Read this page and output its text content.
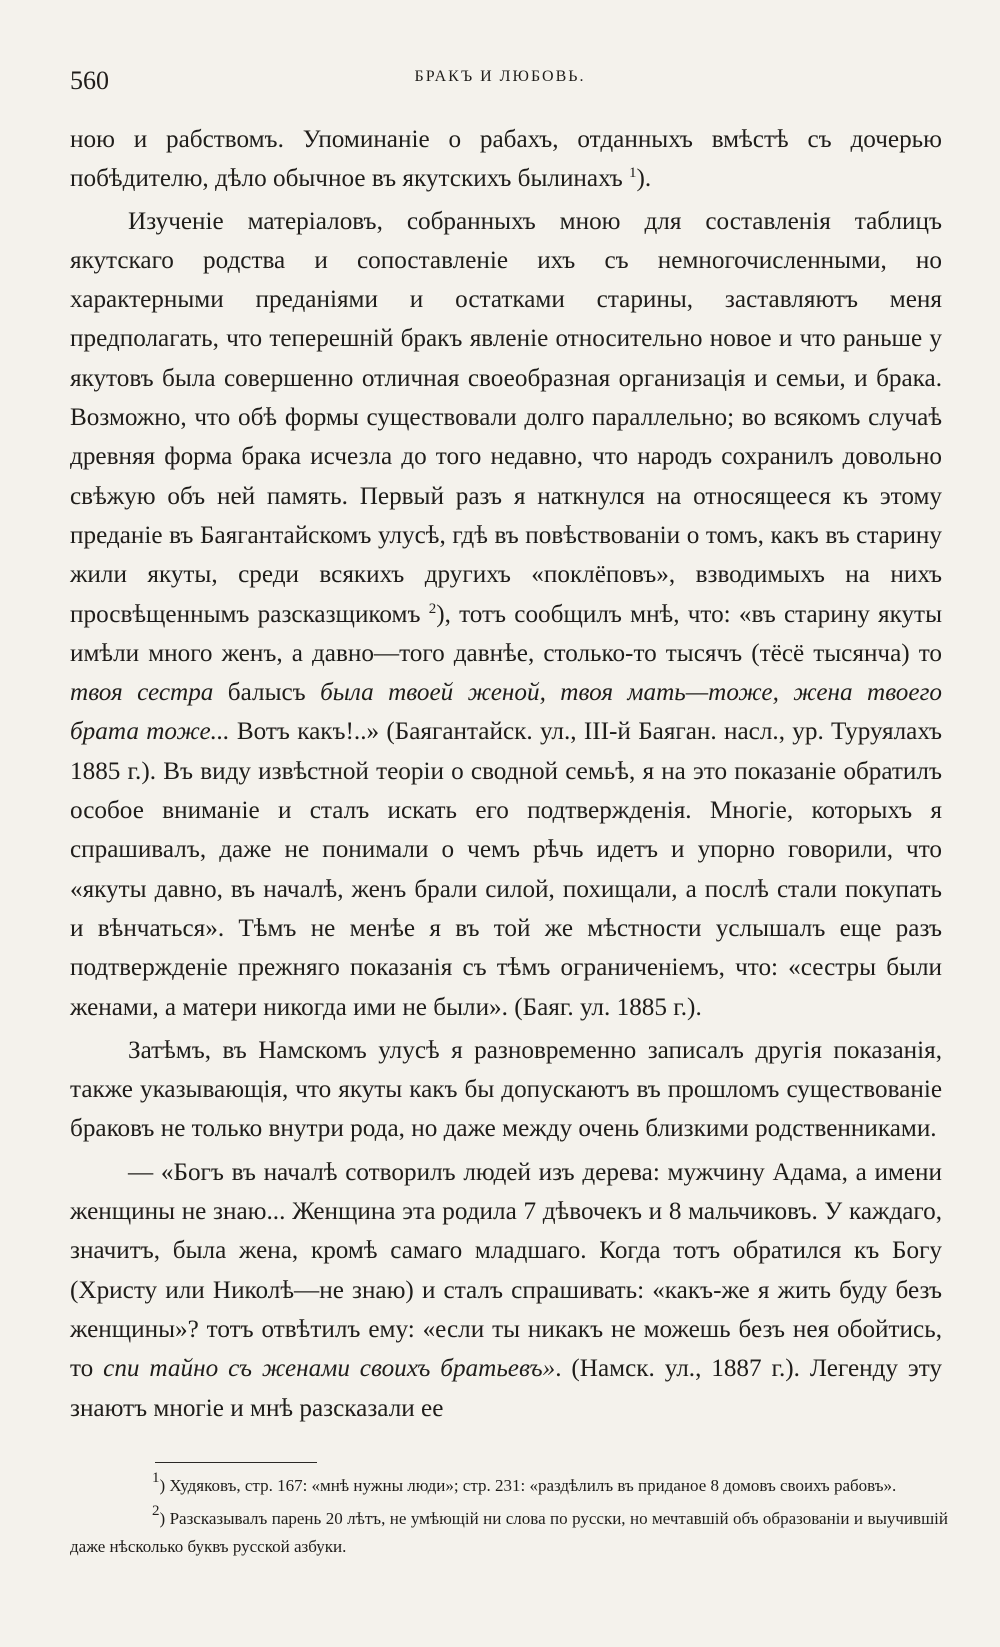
560	БРАКЪ И ЛЮБОВЬ.

ною и рабствомъ. Упоминаніе о рабахъ, отданныхъ вмѣстѣ съ дочерью побѣдителю, дѣло обычное въ якутскихъ былинахъ $^1$).

Изученіе матеріаловъ, собранныхъ мною для составленія таблицъ якутскаго родства и сопоставленіе ихъ съ немногочисленными, но характерными преданіями и остатками старины, заставляютъ меня предполагать, что теперешній бракъ явленіе относительно новое и что раньше у якутовъ была совершенно отличная своеобразная организація и семьи, и брака. Возможно, что обѣ формы существовали долго параллельно; во всякомъ случаѣ древняя форма брака исчезла до того недавно, что народъ сохранилъ довольно свѣжую объ ней память. Первый разъ я наткнулся на относящееся къ этому преданіе въ Баягантайскомъ улусѣ, гдѣ въ повѣствованіи о томъ, какъ въ старину жили якуты, среди всякихъ другихъ «поклёповъ», взводимыхъ на нихъ просвѣщеннымъ разсказщикомъ $^2$), тотъ сообщилъ мнѣ, что: «въ старину якуты имѣли много женъ, а давно—того давнѣе, столько-то тысячъ (тёсё тысянча) то твоя сестра балысъ была твоей женой, твоя мать—тоже, жена твоего брата тоже... Вотъ какъ!..» (Баягантайск. ул., III-й Баяган. насл., ур. Туруялахъ 1885 г.). Въ виду извѣстной теоріи о сводной семьѣ, я на это показаніе обратилъ особое вниманіе и сталъ искать его подтвержденія. Многіе, которыхъ я спрашивалъ, даже не понимали о чемъ рѣчь идетъ и упорно говорили, что «якуты давно, въ началѣ, женъ брали силой, похищали, а послѣ стали покупать и вѣнчаться». Тѣмъ не менѣе я въ той же мѣстности услышалъ еще разъ подтвержденіе прежняго показанія съ тѣмъ ограниченіемъ, что: «сестры были женами, а матери никогда ими не были». (Баяг. ул. 1885 г.).

Затѣмъ, въ Намскомъ улусѣ я разновременно записалъ другія показанія, также указывающія, что якуты какъ бы допускаютъ въ прошломъ существованіе браковъ не только внутри рода, но даже между очень близкими родственниками.

— «Богъ въ началѣ сотворилъ людей изъ дерева: мужчину Адама, а имени женщины не знаю... Женщина эта родила 7 дѣвочекъ и 8 мальчиковъ. У каждаго, значитъ, была жена, кромѣ самаго младшаго. Когда тотъ обратился къ Богу (Христу или Николѣ—не знаю) и сталъ спрашивать: «какъ-же я жить буду безъ женщины»? тотъ отвѣтилъ ему: «если ты никакъ не можешь безъ нея обойтись, то спи тайно съ женами своихъ братьевъ». (Намск. ул., 1887 г.). Легенду эту знаютъ многіе и мнѣ разсказали ее

$^1$) Худяковъ, стр. 167: «мнѣ нужны люди»; стр. 231: «раздѣлилъ въ приданое 8 домовъ своихъ рабовъ».

$^2$) Разсказывалъ парень 20 лѣтъ, не умѣющій ни слова по русски, но мечтавшій объ образованіи и выучившій даже нѣсколько буквъ русской азбуки.
